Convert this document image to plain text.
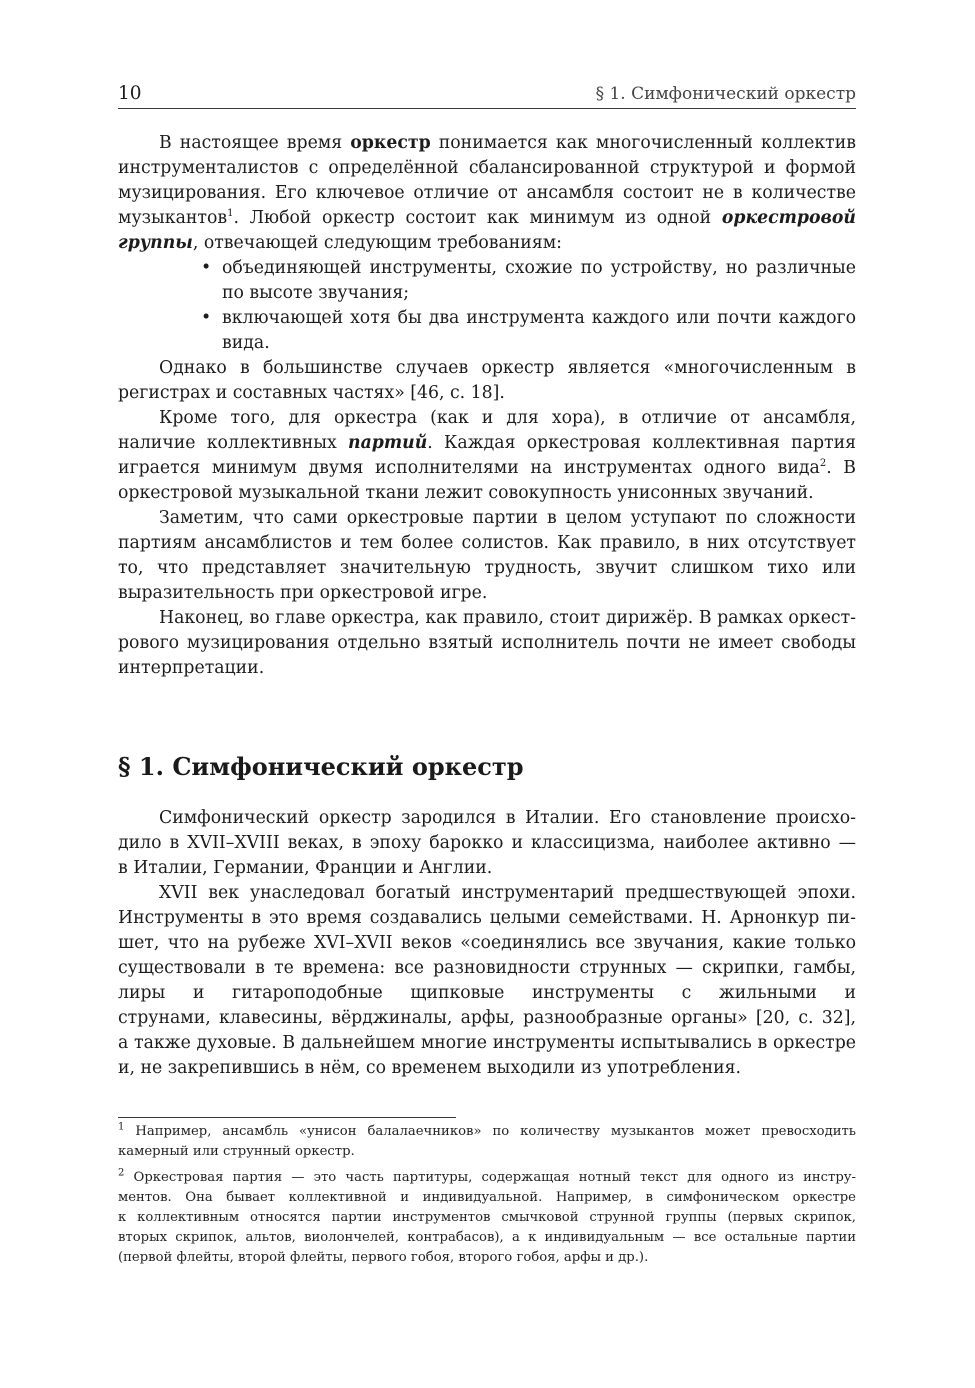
10	§ 1. Симфонический оркестр
В настоящее время оркестр понимается как многочисленный коллектив
инструменталистов с определённой сбалансированной структурой и формой
музицирования. Его ключевое отличие от ансамбля состоит не в количестве
музыкантов$^1$. Любой оркестр состоит как минимум из одной оркестровой
группы, отвечающей следующим требованиям:
• объединяющей инструменты, схожие по устройству, но различные
по высоте звучания;
• включающей хотя бы два инструмента каждого или почти каждого
вида.
Однако в большинстве случаев оркестр является «многочисленным в
регистрах и составных частях» [46, с. 18].
Кроме того, для оркестра (как и для хора), в отличие от ансамбля,
наличие коллективных партий. Каждая оркестровая коллективная партия
играется минимум двумя исполнителями на инструментах одного вида$^2$. В
оркестровой музыкальной ткани лежит совокупность унисонных звучаний.
Заметим, что сами оркестровые партии в целом уступают по сложности
партиям ансамблистов и тем более солистов. Как правило, в них отсутствует
то, что представляет значительную трудность, звучит слишком тихо или
выразительность при оркестровой игре.
Наконец, во главе оркестра, как правило, стоит дирижёр. В рамках оркест-
рового музицирования отдельно взятый исполнитель почти не имеет свободы
интерпретации.
§ 1. Симфонический оркестр
Симфонический оркестр зародился в Италии. Его становление происхо-
дило в XVII–XVIII веках, в эпоху барокко и классицизма, наиболее активно —
в Италии, Германии, Франции и Англии.
XVII век унаследовал богатый инструментарий предшествующей эпохи.
Инструменты в это время создавались целыми семействами. Н. Арнонкур пи-
шет, что на рубеже XVI–XVII веков «соединялись все звучания, какие только
существовали в те времена: все разновидности струнных — скрипки, гамбы,
лиры и гитароподобные щипковые инструменты с жильными и
струнами, клавесины, вёрджиналы, арфы, разнообразные органы» [20, с. 32],
а также духовые. В дальнейшем многие инструменты испытывались в оркестре
и, не закрепившись в нём, со временем выходили из употребления.
$^1$ Например, ансамбль «унисон балалаечников» по количеству музыкантов может превосходить
камерный или струнный оркестр.
$^2$ Оркестровая партия — это часть партитуры, содержащая нотный текст для одного из инстру-
ментов. Она бывает коллективной и индивидуальной. Например, в симфоническом оркестре
к коллективным относятся партии инструментов смычковой струнной группы (первых скрипок,
вторых скрипок, альтов, виолончелей, контрабасов), а к индивидуальным — все остальные партии
(первой флейты, второй флейты, первого гобоя, второго гобоя, арфы и др.).
